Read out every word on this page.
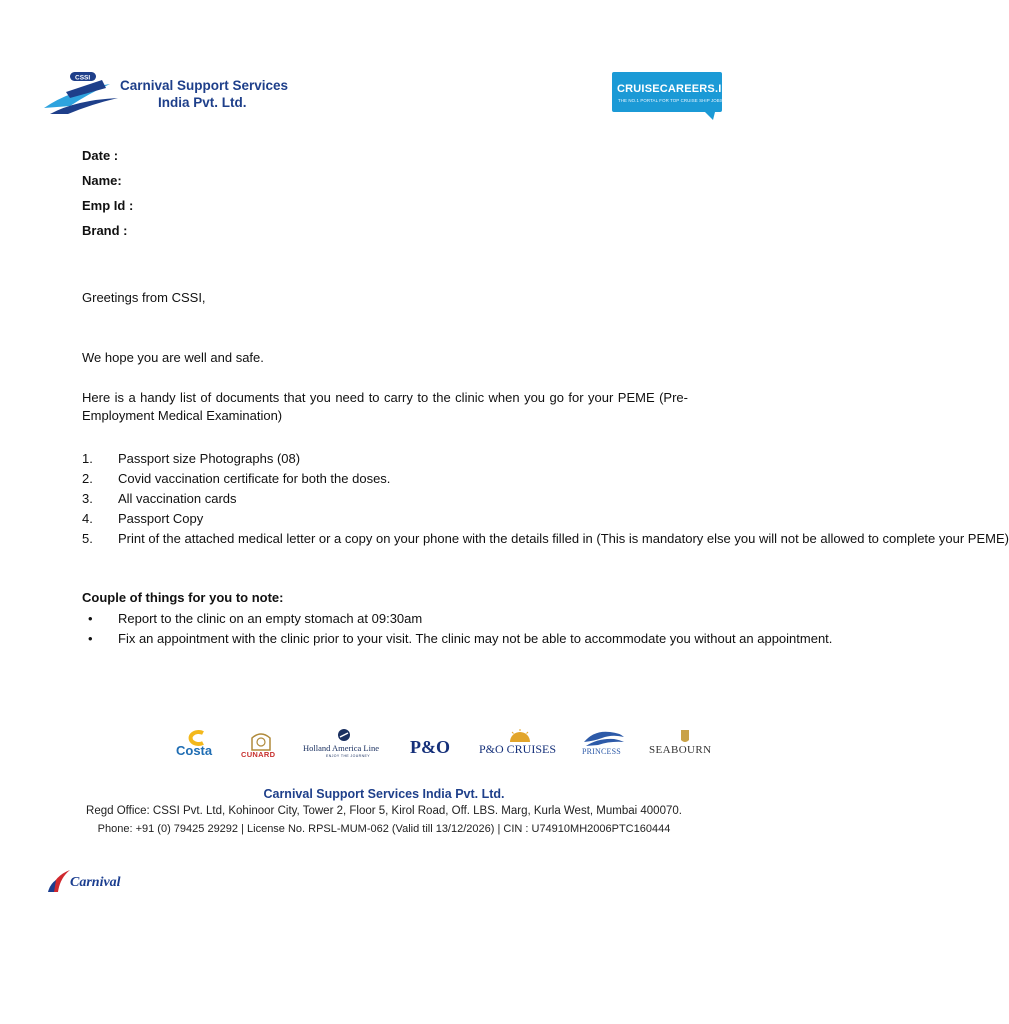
CSSI Carnival Support Services
India Pvt. Ltd.
CRUISECAREERS.IN
THE NO.1 PORTAL FOR TOP CRUISE SHIP JOBS
Date :
Name:
Emp Id :
Brand :
Greetings from CSSI,
We hope you are well and safe.
Here is a handy list of documents that you need to carry to the clinic when you go for your PEME (Pre-Employment Medical Examination)
1. Passport size Photographs (08)
2. Covid vaccination certificate for both the doses.
3. All vaccination cards
4. Passport Copy
5. Print of the attached medical letter or a copy on your phone with the details filled in (This is mandatory else you will not be allowed to complete your PEME)
Couple of things for you to note:
• Report to the clinic on an empty stomach at 09:30am
• Fix an appointment with the clinic prior to your visit. The clinic may not be able to accommodate you without an appointment.
Costa	CUNARD
Holland America Line
ENJOY THE JOURNEY P&O P&O CRUISES	PRINCESS	SEABOURN
Carnival Support Services India Pvt. Ltd.
Regd Office: CSSI Pvt. Ltd, Kohinoor City, Tower 2, Floor 5, Kirol Road, Off. LBS. Marg, Kurla West, Mumbai 400070.
Phone: +91 (0) 79425 29292 | License No. RPSL-MUM-062 (Valid till 13/12/2026) | CIN : U74910MH2006PTC160444
Carnival
